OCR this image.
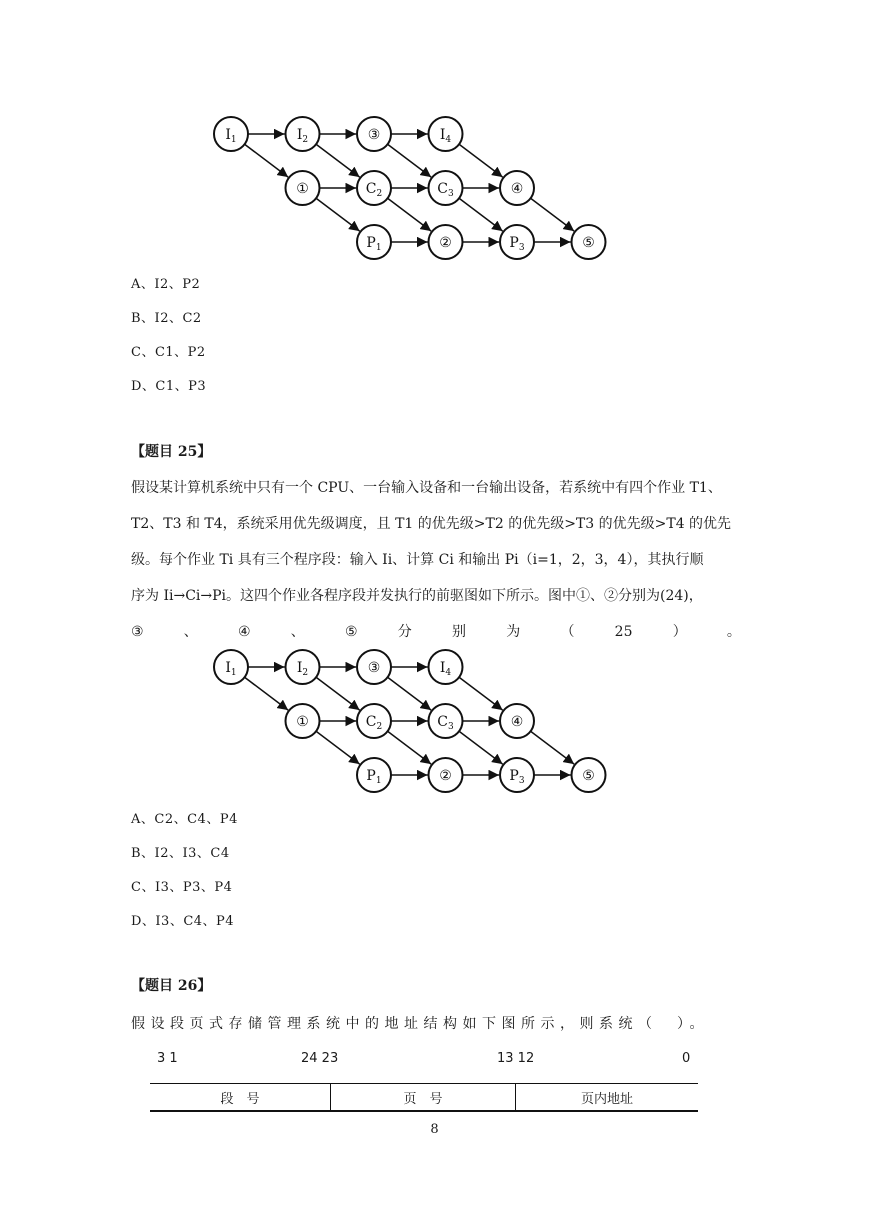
$I_1$	$I_2$	③	$I_4$
①	$C_2$	$C_3$	④
$P_1$	②	$P_3$	⑤
A、I2、P2
B、I2、C2
C、C1、P2
D、C1、P3
【题目 25】

假设某计算机系统中只有一个 CPU、一台输入设备和一台输出设备，若系统中有四个作业 T1、

T2、T3 和 T4，系统采用优先级调度，且 T1 的优先级>T2 的优先级>T3 的优先级>T4 的优先

级。每个作业 Ti 具有三个程序段：输入 Ii、计算 Ci 和输出 Pi（i=1，2，3，4），其执行顺

序为 Ii→Ci→Pi。这四个作业各程序段并发执行的前驱图如下所示。图中①、②分别为(24)，

③	、	④	、	⑤	分	别	为	（	25	）	。
$I_1$	$I_2$	③	$I_4$
①	$C_2$	$C_3$	④
$P_1$	②	$P_3$	⑤
A、C2、C4、P4
B、I2、I3、C4
C、I3、P3、P4
D、I3、C4、P4
【题目 26】

假设段页式存储管理系统中的地址结构如下图所示，则系统（　）。

3 1	24 23	13 12	0
段　号	页　号	页内地址
8
